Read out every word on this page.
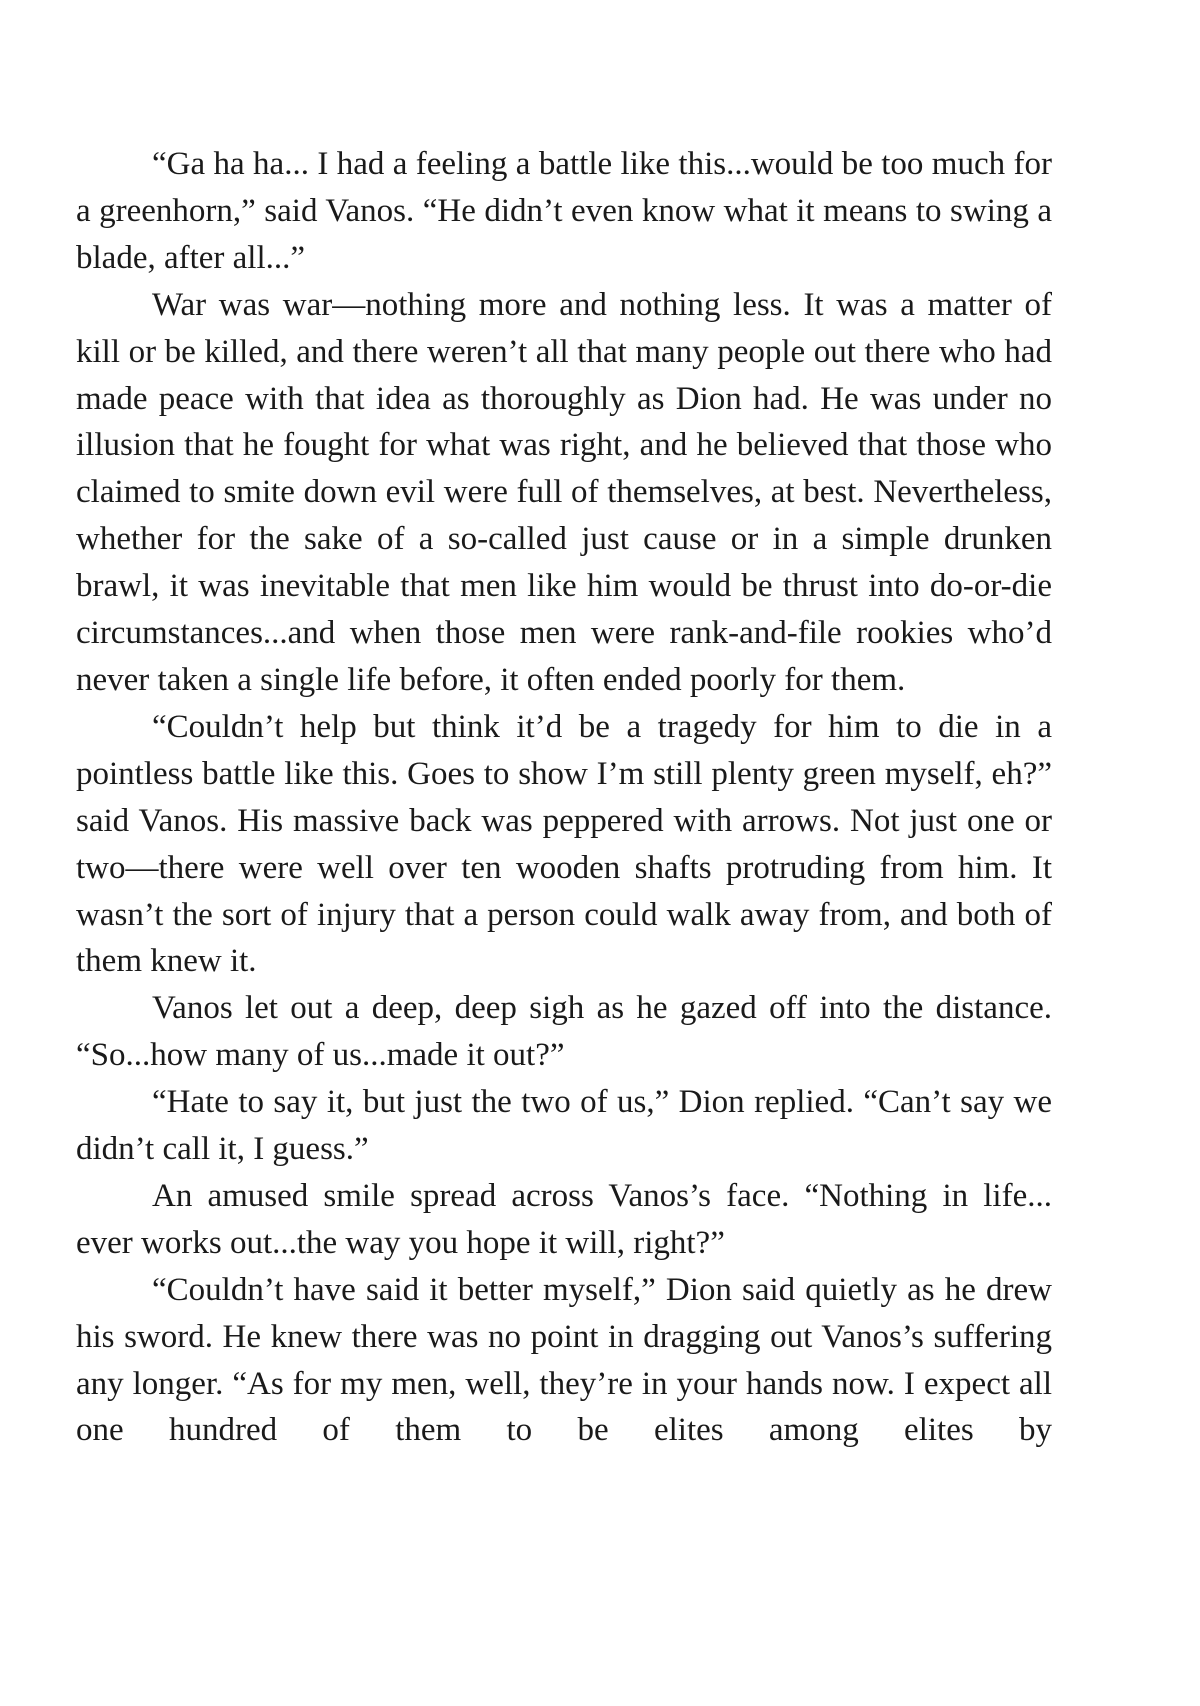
“Ga ha ha... I had a feeling a battle like this...would be too much for a greenhorn,” said Vanos. “He didn’t even know what it means to swing a blade, after all...”

War was war—nothing more and nothing less. It was a matter of kill or be killed, and there weren’t all that many people out there who had made peace with that idea as thoroughly as Dion had. He was under no illusion that he fought for what was right, and he believed that those who claimed to smite down evil were full of themselves, at best. Nevertheless, whether for the sake of a so-called just cause or in a simple drunken brawl, it was inevitable that men like him would be thrust into do-or-die circumstances...and when those men were rank-and-file rookies who’d never taken a single life before, it often ended poorly for them.

“Couldn’t help but think it’d be a tragedy for him to die in a pointless battle like this. Goes to show I’m still plenty green myself, eh?” said Vanos. His massive back was peppered with arrows. Not just one or two—there were well over ten wooden shafts protruding from him. It wasn’t the sort of injury that a person could walk away from, and both of them knew it.

Vanos let out a deep, deep sigh as he gazed off into the distance. “So...how many of us...made it out?”

“Hate to say it, but just the two of us,” Dion replied. “Can’t say we didn’t call it, I guess.”

An amused smile spread across Vanos’s face. “Nothing in life... ever works out...the way you hope it will, right?”

“Couldn’t have said it better myself,” Dion said quietly as he drew his sword. He knew there was no point in dragging out Vanos’s suffering any longer. “As for my men, well, they’re in your hands now. I expect all one hundred of them to be elites among elites by
